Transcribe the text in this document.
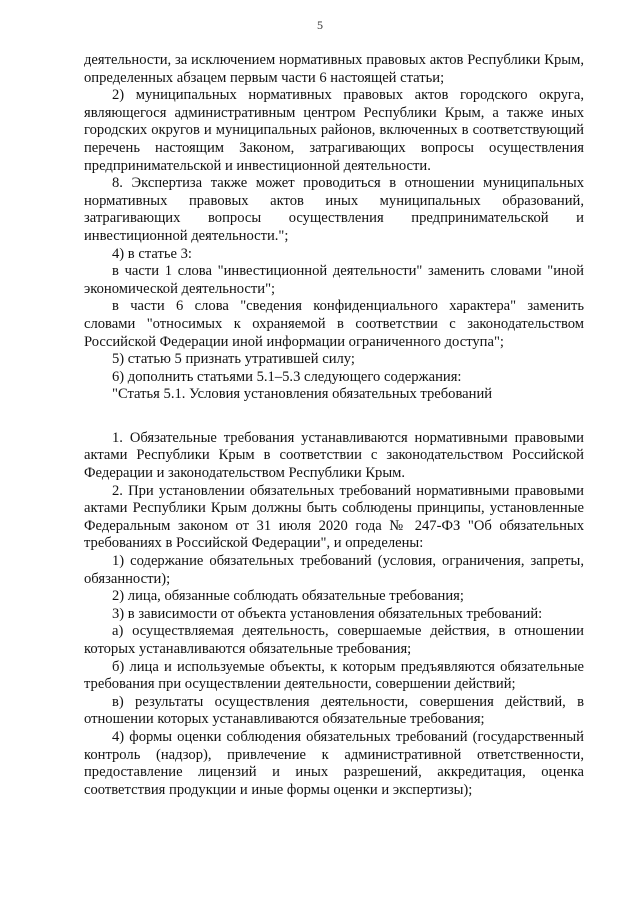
5

деятельности, за исключением нормативных правовых актов Республики Крым, определенных абзацем первым части 6 настоящей статьи;

2) муниципальных нормативных правовых актов городского округа, являющегося административным центром Республики Крым, а также иных городских округов и муниципальных районов, включенных в соответствующий перечень настоящим Законом, затрагивающих вопросы осуществления предпринимательской и инвестиционной деятельности.

8. Экспертиза также может проводиться в отношении муниципальных нормативных правовых актов иных муниципальных образований, затрагивающих вопросы осуществления предпринимательской и инвестиционной деятельности.";

4) в статье 3:

в части 1 слова "инвестиционной деятельности" заменить словами "иной экономической деятельности";

в части 6 слова "сведения конфиденциального характера" заменить словами "относимых к охраняемой в соответствии с законодательством Российской Федерации иной информации ограниченного доступа";

5) статью 5 признать утратившей силу;

6) дополнить статьями 5.1–5.3 следующего содержания:

"Статья 5.1. Условия установления обязательных требований

1. Обязательные требования устанавливаются нормативными правовыми актами Республики Крым в соответствии с законодательством Российской Федерации и законодательством Республики Крым.

2. При установлении обязательных требований нормативными правовыми актами Республики Крым должны быть соблюдены принципы, установленные Федеральным законом от 31 июля 2020 года № 247-ФЗ "Об обязательных требованиях в Российской Федерации", и определены:

1) содержание обязательных требований (условия, ограничения, запреты, обязанности);

2) лица, обязанные соблюдать обязательные требования;

3) в зависимости от объекта установления обязательных требований:

а) осуществляемая деятельность, совершаемые действия, в отношении которых устанавливаются обязательные требования;

б) лица и используемые объекты, к которым предъявляются обязательные требования при осуществлении деятельности, совершении действий;

в) результаты осуществления деятельности, совершения действий, в отношении которых устанавливаются обязательные требования;

4) формы оценки соблюдения обязательных требований (государственный контроль (надзор), привлечение к административной ответственности, предоставление лицензий и иных разрешений, аккредитация, оценка соответствия продукции и иные формы оценки и экспертизы);
